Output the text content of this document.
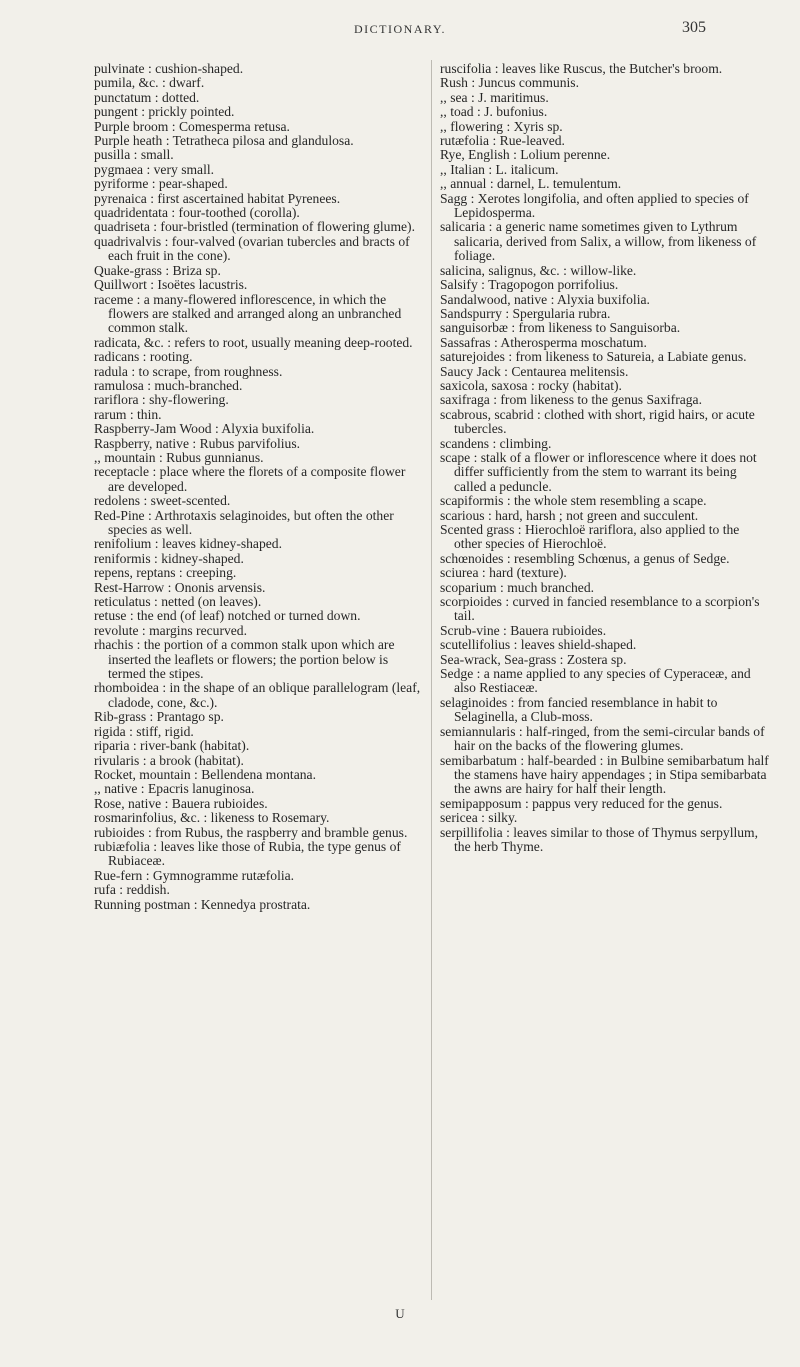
DICTIONARY.	305

pulvinate : cushion-shaped.

pumila, &c. : dwarf.

punctatum : dotted.

pungent : prickly pointed.

Purple broom : Comesperma retusa.

Purple heath : Tetratheca pilosa and glandulosa.

pusilla : small.

pygmaea : very small.

pyriforme : pear-shaped.

pyrenaica : first ascertained habitat Pyrenees.

quadridentata : four-toothed (corolla).

quadriseta : four-bristled (termination of flowering glume).

quadrivalvis : four-valved (ovarian tubercles and bracts of each fruit in the cone).

Quake-grass : Briza sp.

Quillwort : Isoëtes lacustris.

raceme : a many-flowered inflorescence, in which the flowers are stalked and arranged along an unbranched common stalk.

radicata, &c. : refers to root, usually meaning deep-rooted.

radicans : rooting.

radula : to scrape, from roughness.

ramulosa : much-branched.

rariflora : shy-flowering.

rarum : thin.

Raspberry-Jam Wood : Alyxia buxifolia.

Raspberry, native : Rubus parvifolius.

,, mountain : Rubus gunnianus.

receptacle : place where the florets of a composite flower are developed.

redolens : sweet-scented.

Red-Pine : Arthrotaxis selaginoides, but often the other species as well.

renifolium : leaves kidney-shaped.

reniformis : kidney-shaped.

repens, reptans : creeping.

Rest-Harrow : Ononis arvensis.

reticulatus : netted (on leaves).

retuse : the end (of leaf) notched or turned down.

revolute : margins recurved.

rhachis : the portion of a common stalk upon which are inserted the leaflets or flowers; the portion below is termed the stipes.

rhomboidea : in the shape of an oblique parallelogram (leaf, cladode, cone, &c.).

Rib-grass : Prantago sp.

rigida : stiff, rigid.

riparia : river-bank (habitat).

rivularis : a brook (habitat).

Rocket, mountain : Bellendena montana.

,, native : Epacris lanuginosa.

Rose, native : Bauera rubioides.

rosmarinfolius, &c. : likeness to Rosemary.

rubioides : from Rubus, the raspberry and bramble genus.

rubiæfolia : leaves like those of Rubia, the type genus of Rubiaceæ.

Rue-fern : Gymnogramme rutæfolia.

rufa : reddish.

Running postman : Kennedya prostrata.

ruscifolia : leaves like Ruscus, the Butcher's broom.

Rush : Juncus communis.

,, sea : J. maritimus.

,, toad : J. bufonius.

,, flowering : Xyris sp.

rutæfolia : Rue-leaved.

Rye, English : Lolium perenne.

,, Italian : L. italicum.

,, annual : darnel, L. temulentum.

Sagg : Xerotes longifolia, and often applied to species of Lepidosperma.

salicaria : a generic name sometimes given to Lythrum salicaria, derived from Salix, a willow, from likeness of foliage.

salicina, salignus, &c. : willow-like.

Salsify : Tragopogon porrifolius.

Sandalwood, native : Alyxia buxifolia.

Sandspurry : Spergularia rubra.

sanguisorbæ : from likeness to Sanguisorba.

Sassafras : Atherosperma moschatum.

saturejoides : from likeness to Satureia, a Labiate genus.

Saucy Jack : Centaurea melitensis.

saxicola, saxosa : rocky (habitat).

saxifraga : from likeness to the genus Saxifraga.

scabrous, scabrid : clothed with short, rigid hairs, or acute tubercles.

scandens : climbing.

scape : stalk of a flower or inflorescence where it does not differ sufficiently from the stem to warrant its being called a peduncle.

scapiformis : the whole stem resembling a scape.

scarious : hard, harsh ; not green and succulent.

Scented grass : Hierochloë rariflora, also applied to the other species of Hierochloë.

schœnoides : resembling Schœnus, a genus of Sedge.

sciurea : hard (texture).

scoparium : much branched.

scorpioides : curved in fancied resemblance to a scorpion's tail.

Scrub-vine : Bauera rubioides.

scutellifolius : leaves shield-shaped.

Sea-wrack, Sea-grass : Zostera sp.

Sedge : a name applied to any species of Cyperaceæ, and also Restiaceæ.

selaginoides : from fancied resemblance in habit to Selaginella, a Club-moss.

semiannularis : half-ringed, from the semi-circular bands of hair on the backs of the flowering glumes.

semibarbatum : half-bearded : in Bulbine semibarbatum half the stamens have hairy appendages ; in Stipa semibarbata the awns are hairy for half their length.

semipapposum : pappus very reduced for the genus.

sericea : silky.

serpillifolia : leaves similar to those of Thymus serpyllum, the herb Thyme.

U
